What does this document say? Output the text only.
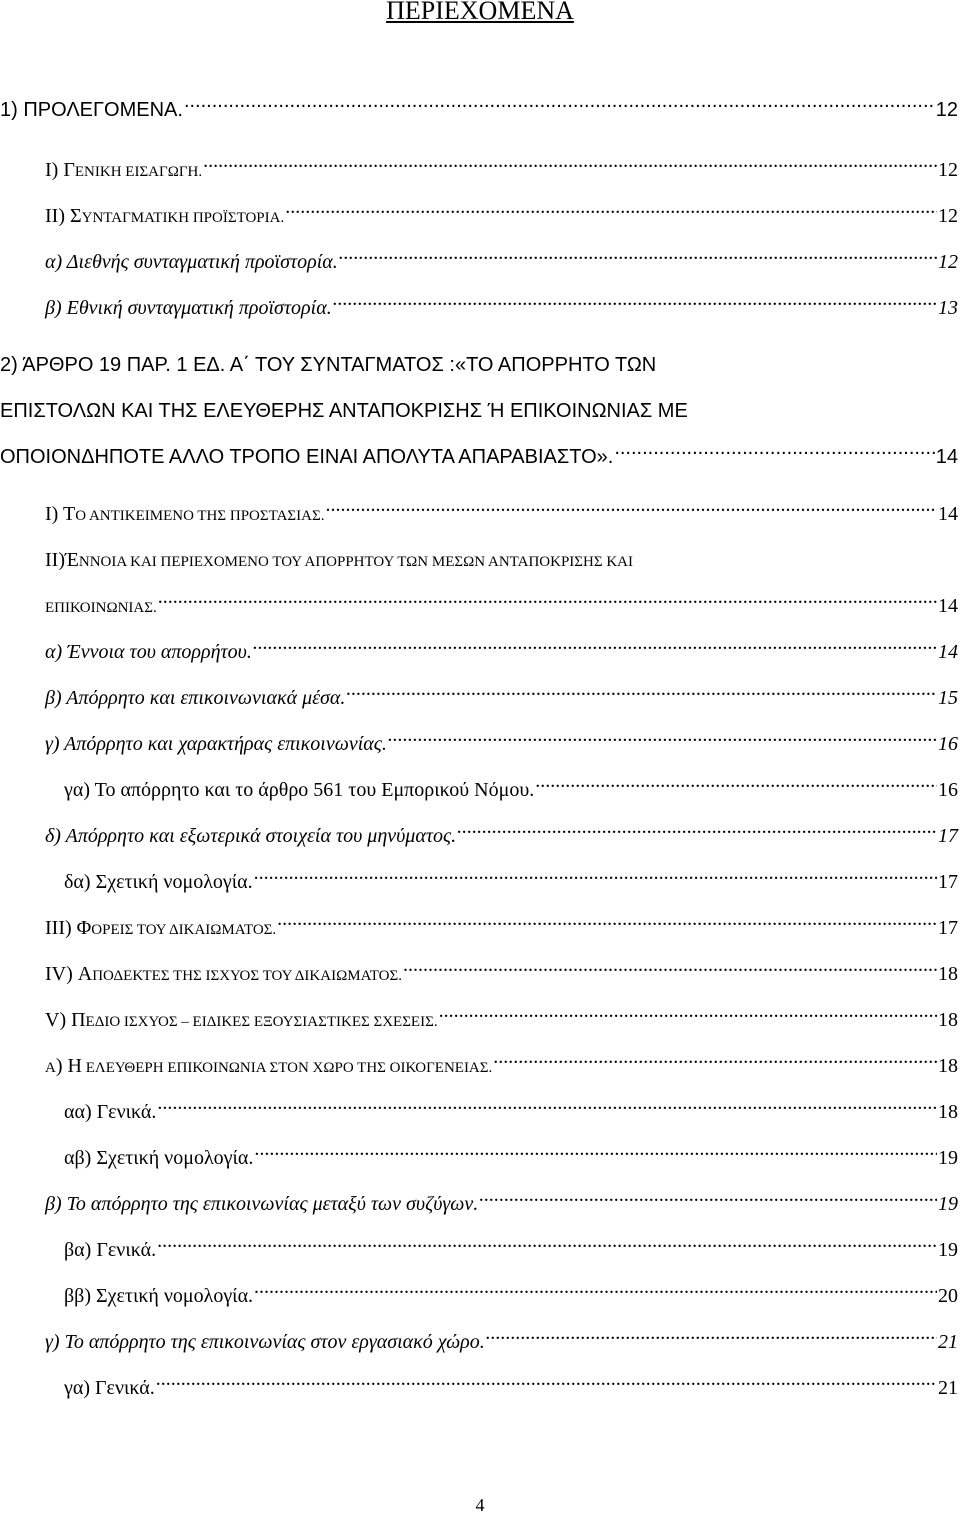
ΠΕΡΙΕΧΟΜΕΝΑ
1) ΠΡΟΛΕΓΟΜΕΝΑ. .....	12
Ι) ΓΕΝΙΚΗ ΕΙΣΑΓΩΓΗ. .....	12
ΙΙ) ΣΥΝΤΑΓΜΑΤΙΚΗ ΠΡΟΪΣΤΟΡΙΑ. .....	12
α) Διεθνής συνταγματική προϊστορία. .....	12
β) Εθνική συνταγματική προϊστορία. .....	13
2) ΆΡΘΡΟ 19 ΠΑΡ. 1 ΕΔ. Α΄ ΤΟΥ ΣΥΝΤΑΓΜΑΤΟΣ :«ΤΟ ΑΠΟΡΡΗΤΟ ΤΩΝ
ΕΠΙΣΤΟΛΩΝ ΚΑΙ ΤΗΣ ΕΛΕΥΘΕΡΗΣ ΑΝΤΑΠΟΚΡΙΣΗΣ Ή ΕΠΙΚΟΙΝΩΝΙΑΣ ΜΕ
ΟΠΟΙΟΝΔΗΠΟΤΕ ΑΛΛΟ ΤΡΟΠΟ ΕΙΝΑΙ ΑΠΟΛΥΤΑ ΑΠΑΡΑΒΙΑΣΤΟ». .....	14
Ι) ΤΟ ΑΝΤΙΚΕΙΜΕΝΟ ΤΗΣ ΠΡΟΣΤΑΣΙΑΣ. .....	14
ΙΙ)ΈΝΝΟΙΑ ΚΑΙ ΠΕΡΙΕΧΟΜΕΝΟ ΤΟΥ ΑΠΟΡΡΗΤΟΥ ΤΩΝ ΜΕΣΩΝ ΑΝΤΑΠΟΚΡΙΣΗΣ ΚΑΙ
ΕΠΙΚΟΙΝΩΝΙΑΣ. .....	14
α) Έννοια του απορρήτου. .....	14
β) Απόρρητο και επικοινωνιακά μέσα. .....	15
γ) Απόρρητο και χαρακτήρας επικοινωνίας. .....	16
γα) Το απόρρητο και το άρθρο 561 του Εμπορικού Νόμου. .....	16
δ) Απόρρητο και εξωτερικά στοιχεία του μηνύματος. .....	17
δα) Σχετική νομολογία. .....	17
ΙΙΙ) ΦΟΡΕΙΣ ΤΟΥ ΔΙΚΑΙΩΜΑΤΟΣ. .....	17
ΙV) ΑΠΟΔΕΚΤΕΣ ΤΗΣ ΙΣΧΥΟΣ ΤΟΥ ΔΙΚΑΙΩΜΑΤΟΣ. .....	18
V) ΠΕΔΙΟ ΙΣΧΥΟΣ – ΕΙΔΙΚΕΣ ΕΞΟΥΣΙΑΣΤΙΚΕΣ ΣΧΕΣΕΙΣ. .....	18
Α) Η ΕΛΕΥΘΕΡΗ ΕΠΙΚΟΙΝΩΝΙΑ ΣΤΟΝ ΧΩΡΟ ΤΗΣ ΟΙΚΟΓΕΝΕΙΑΣ. .....	18
αα) Γενικά. .....	18
αβ) Σχετική νομολογία. .....	19
β) Το απόρρητο της επικοινωνίας μεταξύ των συζύγων. .....	19
βα) Γενικά. .....	19
ββ) Σχετική νομολογία. .....	20
γ) Το απόρρητο της επικοινωνίας στον εργασιακό χώρο. .....	21
γα) Γενικά. .....	21
4
